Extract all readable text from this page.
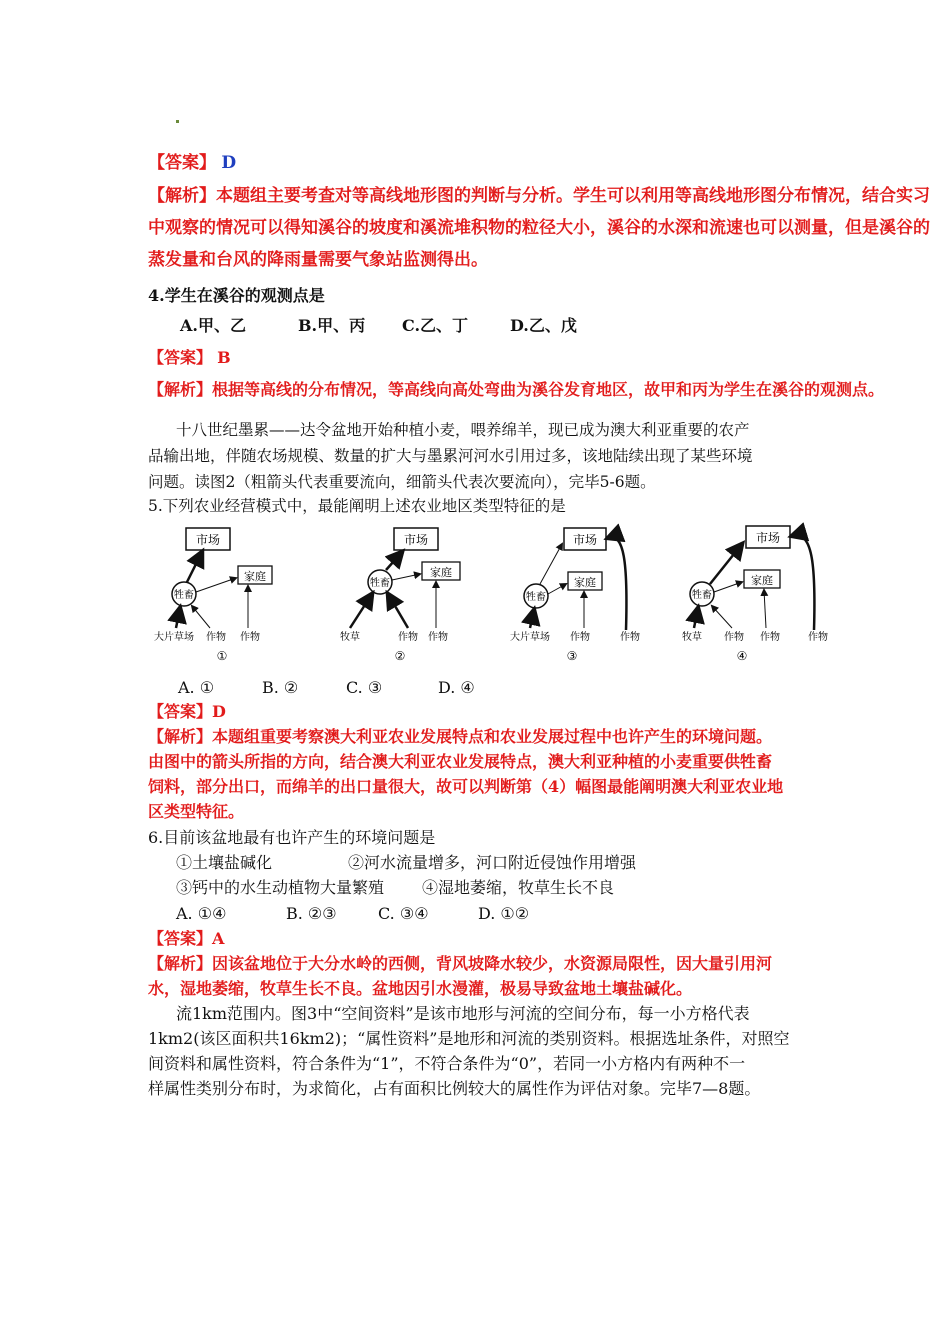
【答案】 D
【解析】本题组主要考查对等高线地形图的判断与分析。学生可以利用等高线地形图分布情况，结合实习
中观察的情况可以得知溪谷的坡度和溪流堆积物的粒径大小，溪谷的水深和流速也可以测量，但是溪谷的
蒸发量和台风的降雨量需要气象站监测得出。
4.学生在溪谷的观测点是
A.甲、乙	B.甲、丙 C.乙、丁	D.乙、戊
【答案】 B
【解析】根据等高线的分布情况，等高线向高处弯曲为溪谷发育地区，故甲和丙为学生在溪谷的观测点。
十八世纪墨累——达令盆地开始种植小麦，喂养绵羊，现已成为澳大利亚重要的农产
品输出地，伴随农场规模、数量的扩大与墨累河河水引用过多，该地陆续出现了某些环境
问题。读图2（粗箭头代表重要流向，细箭头代表次要流向），完毕5-6题。
5.下列农业经营模式中，最能阐明上述农业地区类型特征的是
市场
家庭
牲畜
大片草场 作物 作物
①
市场
家庭
牲畜
牧草	作物 作物
②
市场
家庭
牲畜
大片草场 作物	作物
③
市场
家庭
牲畜
牧草 作物 作物	作物
④
A. ①	B. ②	C. ③	D. ④
【答案】D
【解析】本题组重要考察澳大利亚农业发展特点和农业发展过程中也许产生的环境问题。
由图中的箭头所指的方向，结合澳大利亚农业发展特点，澳大利亚种植的小麦重要供牲畜
饲料，部分出口，而绵羊的出口量很大，故可以判断第（4）幅图最能阐明澳大利亚农业地
区类型特征。
6.目前该盆地最有也许产生的环境问题是
①土壤盐碱化	②河水流量增多，河口附近侵蚀作用增强
③钙中的水生动植物大量繁殖 ④湿地萎缩，牧草生长不良
A. ①④	B. ②③	C. ③④	D. ①②
【答案】A
【解析】因该盆地位于大分水岭的西侧，背风坡降水较少，水资源局限性，因大量引用河
水，湿地萎缩，牧草生长不良。盆地因引水漫灌，极易导致盆地土壤盐碱化。
流1km范围内。图3中“空间资料”是该市地形与河流的空间分布，每一小方格代表
1km2(该区面积共16km2)；“属性资料”是地形和河流的类别资料。根据选址条件，对照空
间资料和属性资料，符合条件为“1”，不符合条件为“0”，若同一小方格内有两种不一
样属性类别分布时，为求简化，占有面积比例较大的属性作为评估对象。完毕7—8题。
